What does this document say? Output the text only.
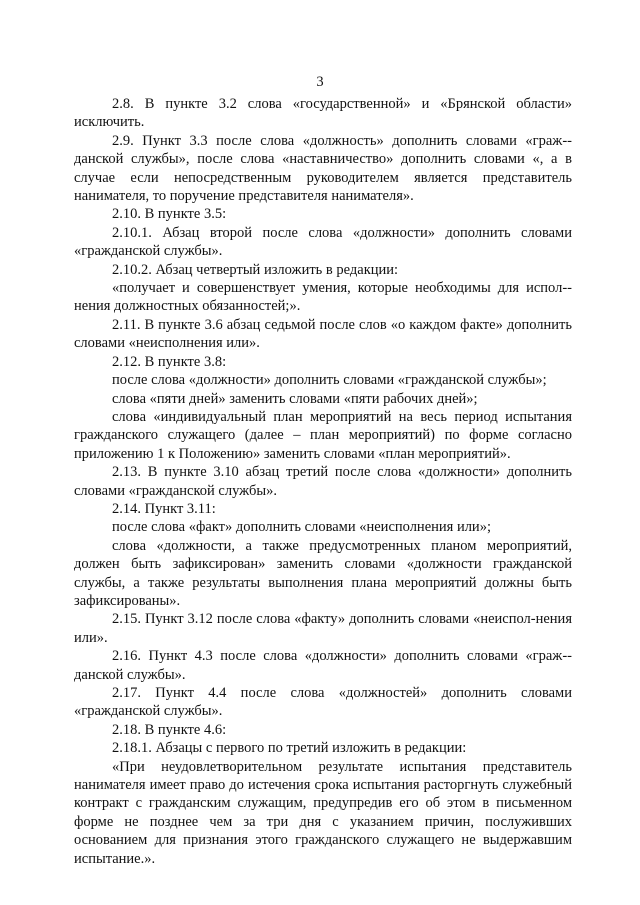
3

2.8. В пункте 3.2 слова «государственной» и «Брянской области» исключить.

2.9. Пункт 3.3 после слова «должность» дополнить словами «граж-данской службы», после слова «наставничество» дополнить словами «, а в случае если непосредственным руководителем является представитель нанимателя, то поручение представителя нанимателя».

2.10. В пункте 3.5:

2.10.1. Абзац второй после слова «должности» дополнить словами «гражданской службы».

2.10.2. Абзац четвертый изложить в редакции:

«получает и совершенствует умения, которые необходимы для испол-нения должностных обязанностей;».

2.11. В пункте 3.6 абзац седьмой после слов «о каждом факте» дополнить словами «неисполнения или».

2.12. В пункте 3.8:

после слова «должности» дополнить словами «гражданской службы»;

слова «пяти дней» заменить словами «пяти рабочих дней»;

слова «индивидуальный план мероприятий на весь период испытания гражданского служащего (далее – план мероприятий) по форме согласно приложению 1 к Положению» заменить словами «план мероприятий».

2.13. В пункте 3.10 абзац третий после слова «должности» дополнить словами «гражданской службы».

2.14. Пункт 3.11:

после слова «факт» дополнить словами «неисполнения или»;

слова «должности, а также предусмотренных планом мероприятий, должен быть зафиксирован» заменить словами «должности гражданской службы, а также результаты выполнения плана мероприятий должны быть зафиксированы».

2.15. Пункт 3.12 после слова «факту» дополнить словами «неиспол-нения или».

2.16. Пункт 4.3 после слова «должности» дополнить словами «граж-данской службы».

2.17. Пункт 4.4 после слова «должностей» дополнить словами «гражданской службы».

2.18. В пункте 4.6:

2.18.1. Абзацы с первого по третий изложить в редакции:

«При неудовлетворительном результате испытания представитель нанимателя имеет право до истечения срока испытания расторгнуть служебный контракт с гражданским служащим, предупредив его об этом в письменном форме не позднее чем за три дня с указанием причин, послуживших основанием для признания этого гражданского служащего не выдержавшим испытание.».
